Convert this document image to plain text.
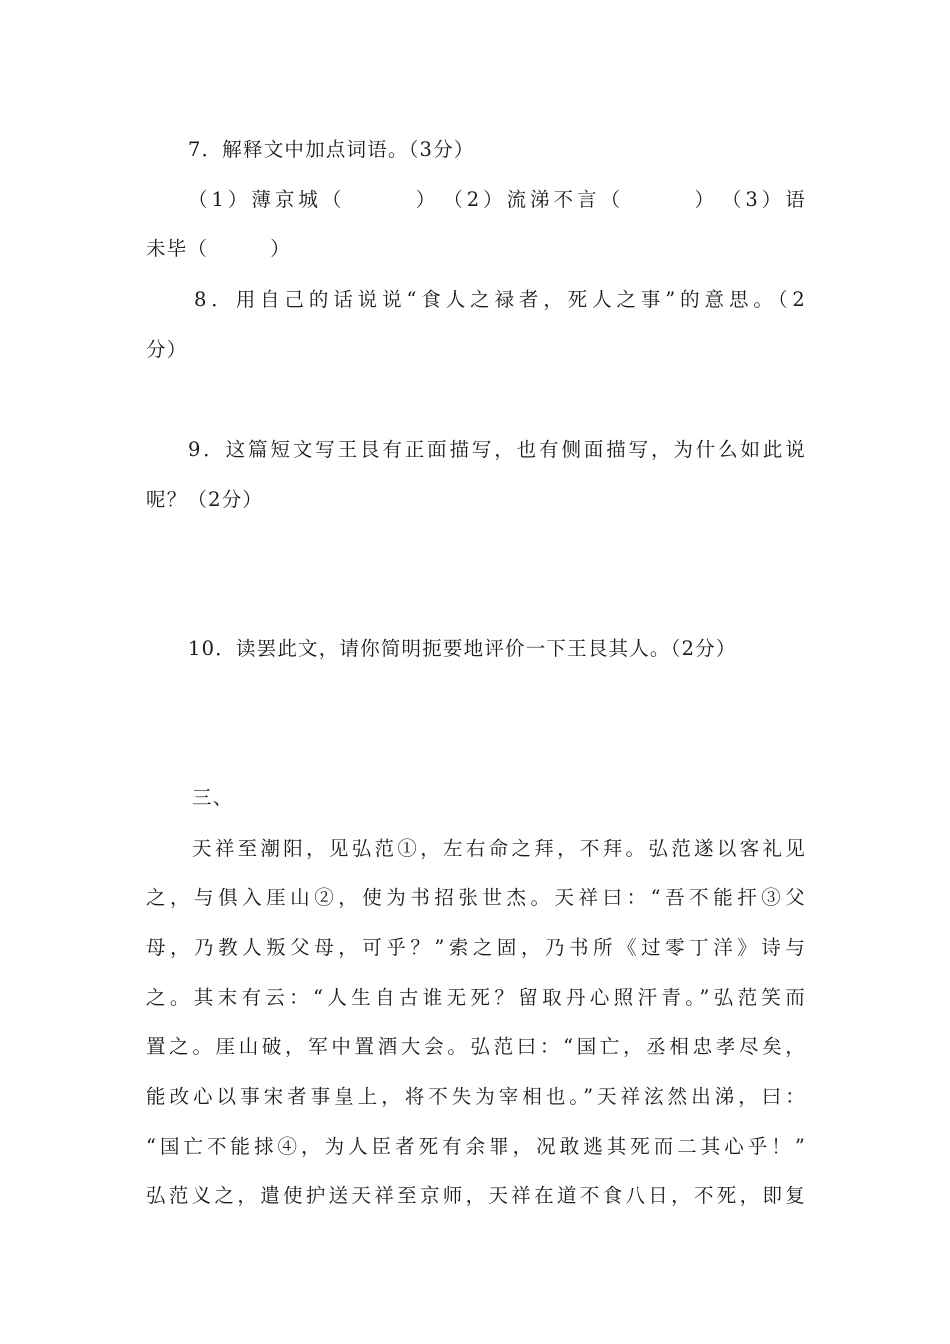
7．解释文中加点词语。（3分）
（1）薄京城（　　　）　（2）流涕不言（　　　）　（3）语
未毕（　　　）
8．用自己的话说说“食人之禄者，死人之事”的意思。（2
分）
9．这篇短文写王艮有正面描写，也有侧面描写，为什么如此说
呢？（2分）
10．读罢此文，请你简明扼要地评价一下王艮其人。（2分）
三、
天祥至潮阳，见弘范①，左右命之拜，不拜。弘范遂以客礼见
之，与俱入厓山②，使为书招张世杰。天祥曰：“吾不能扞③父
母，乃教人叛父母，可乎？”索之固，乃书所《过零丁洋》诗与
之。其末有云：“人生自古谁无死？留取丹心照汗青。”弘范笑而
置之。厓山破，军中置酒大会。弘范曰：“国亡，丞相忠孝尽矣，
能改心以事宋者事皇上，将不失为宰相也。”天祥泫然出涕，曰：
“国亡不能捄④，为人臣者死有余罪，况敢逃其死而二其心乎！”
弘范义之，遣使护送天祥至京师，天祥在道不食八日，不死，即复
